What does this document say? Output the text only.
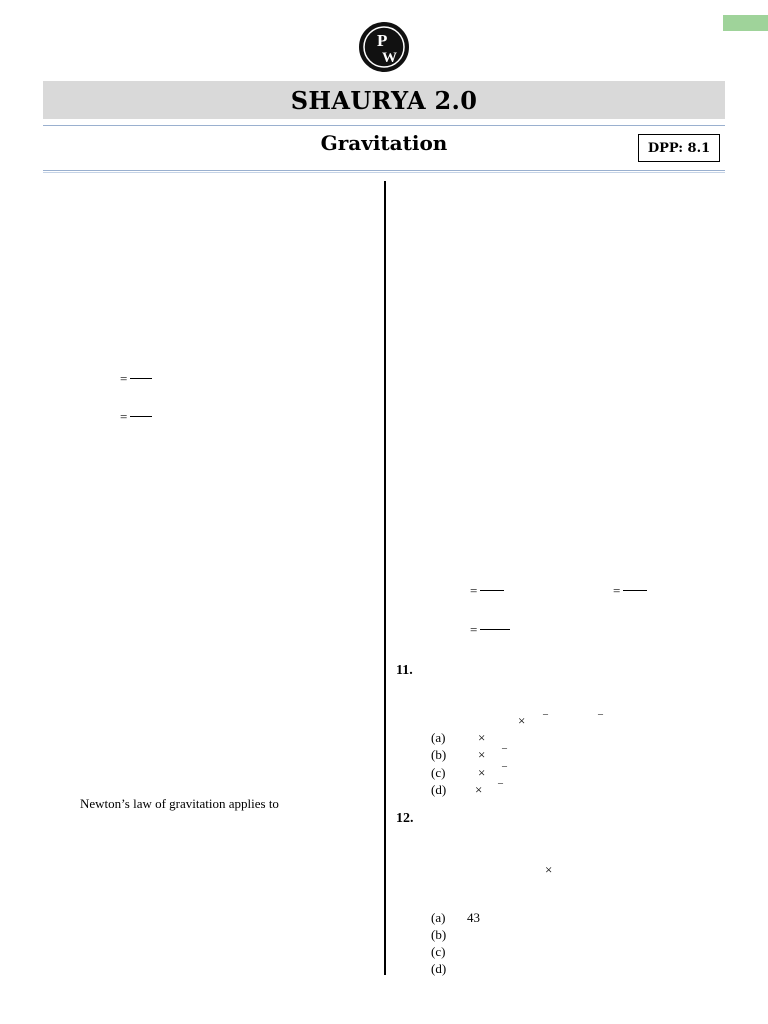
P
W
SHAURYA 2.0
Gravitation	DPP: 8.1
=
=
Newton’s law of gravitation applies to
=	=
=
11.
× –	–
(a)	×
(b) × –
(c)	× –
(d) × –
12.
×
(a) 43
(b)
(c)
(d)
